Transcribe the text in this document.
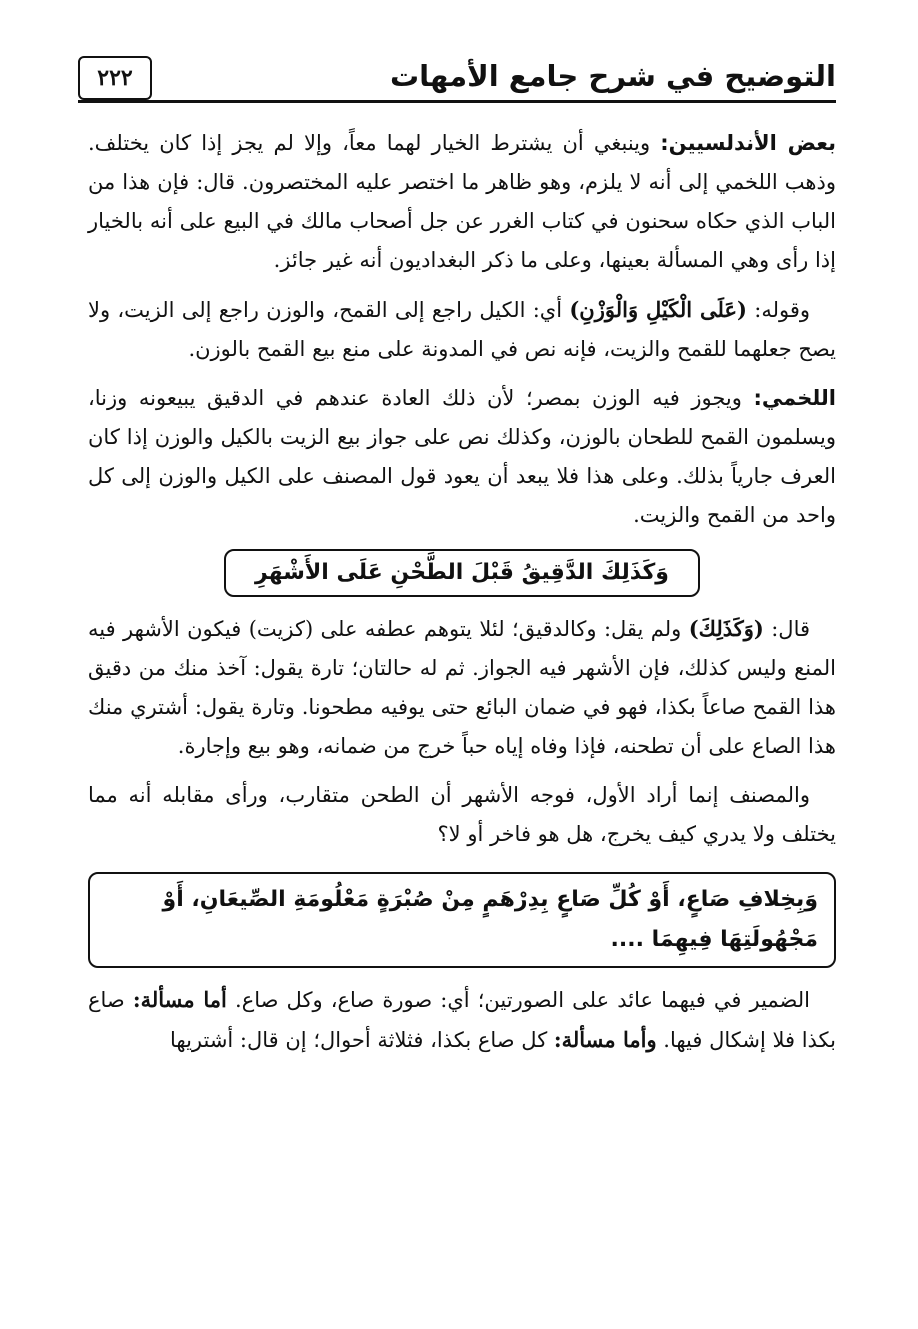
٢٢٢	التوضيح في شرح جامع الأمهات

بعض الأندلسيين: وينبغي أن يشترط الخيار لهما معاً، وإلا لم يجز إذا كان يختلف. وذهب اللخمي إلى أنه لا يلزم، وهو ظاهر ما اختصر عليه المختصرون. قال: فإن هذا من الباب الذي حكاه سحنون في كتاب الغرر عن جل أصحاب مالك في البيع على أنه بالخيار إذا رأى وهي المسألة بعينها، وعلى ما ذكر البغداديون أنه غير جائز.

وقوله: (عَلَى الْكَيْلِ وَالْوَزْنِ) أي: الكيل راجع إلى القمح، والوزن راجع إلى الزيت، ولا يصح جعلهما للقمح والزيت، فإنه نص في المدونة على منع بيع القمح بالوزن.

اللخمي: ويجوز فيه الوزن بمصر؛ لأن ذلك العادة عندهم في الدقيق يبيعونه وزنا، ويسلمون القمح للطحان بالوزن، وكذلك نص على جواز بيع الزيت بالكيل والوزن إذا كان العرف جارياً بذلك. وعلى هذا فلا يبعد أن يعود قول المصنف على الكيل والوزن إلى كل واحد من القمح والزيت.

وَكَذَلِكَ الدَّقِيقُ قَبْلَ الطَّحْنِ عَلَى الأَشْهَرِ

قال: (وَكَذَلِكَ) ولم يقل: وكالدقيق؛ لئلا يتوهم عطفه على (كزيت) فيكون الأشهر فيه المنع وليس كذلك، فإن الأشهر فيه الجواز. ثم له حالتان؛ تارة يقول: آخذ منك من دقيق هذا القمح صاعاً بكذا، فهو في ضمان البائع حتى يوفيه مطحونا. وتارة يقول: أشتري منك هذا الصاع على أن تطحنه، فإذا وفاه إياه حباً خرج من ضمانه، وهو بيع وإجارة.

والمصنف إنما أراد الأول، فوجه الأشهر أن الطحن متقارب، ورأى مقابله أنه مما يختلف ولا يدري كيف يخرج، هل هو فاخر أو لا؟

وَبِخِلافِ صَاعٍ، أَوْ كُلِّ صَاعٍ بِدِرْهَمٍ مِنْ صُبْرَةٍ مَعْلُومَةِ الصِّيعَانِ، أَوْ مَجْهُولَتِهَا فِيهِمَا ....

الضمير في فيهما عائد على الصورتين؛ أي: صورة صاع، وكل صاع. أما مسألة: صاع بكذا فلا إشكال فيها. وأما مسألة: كل صاع بكذا، فثلاثة أحوال؛ إن قال: أشتريها
